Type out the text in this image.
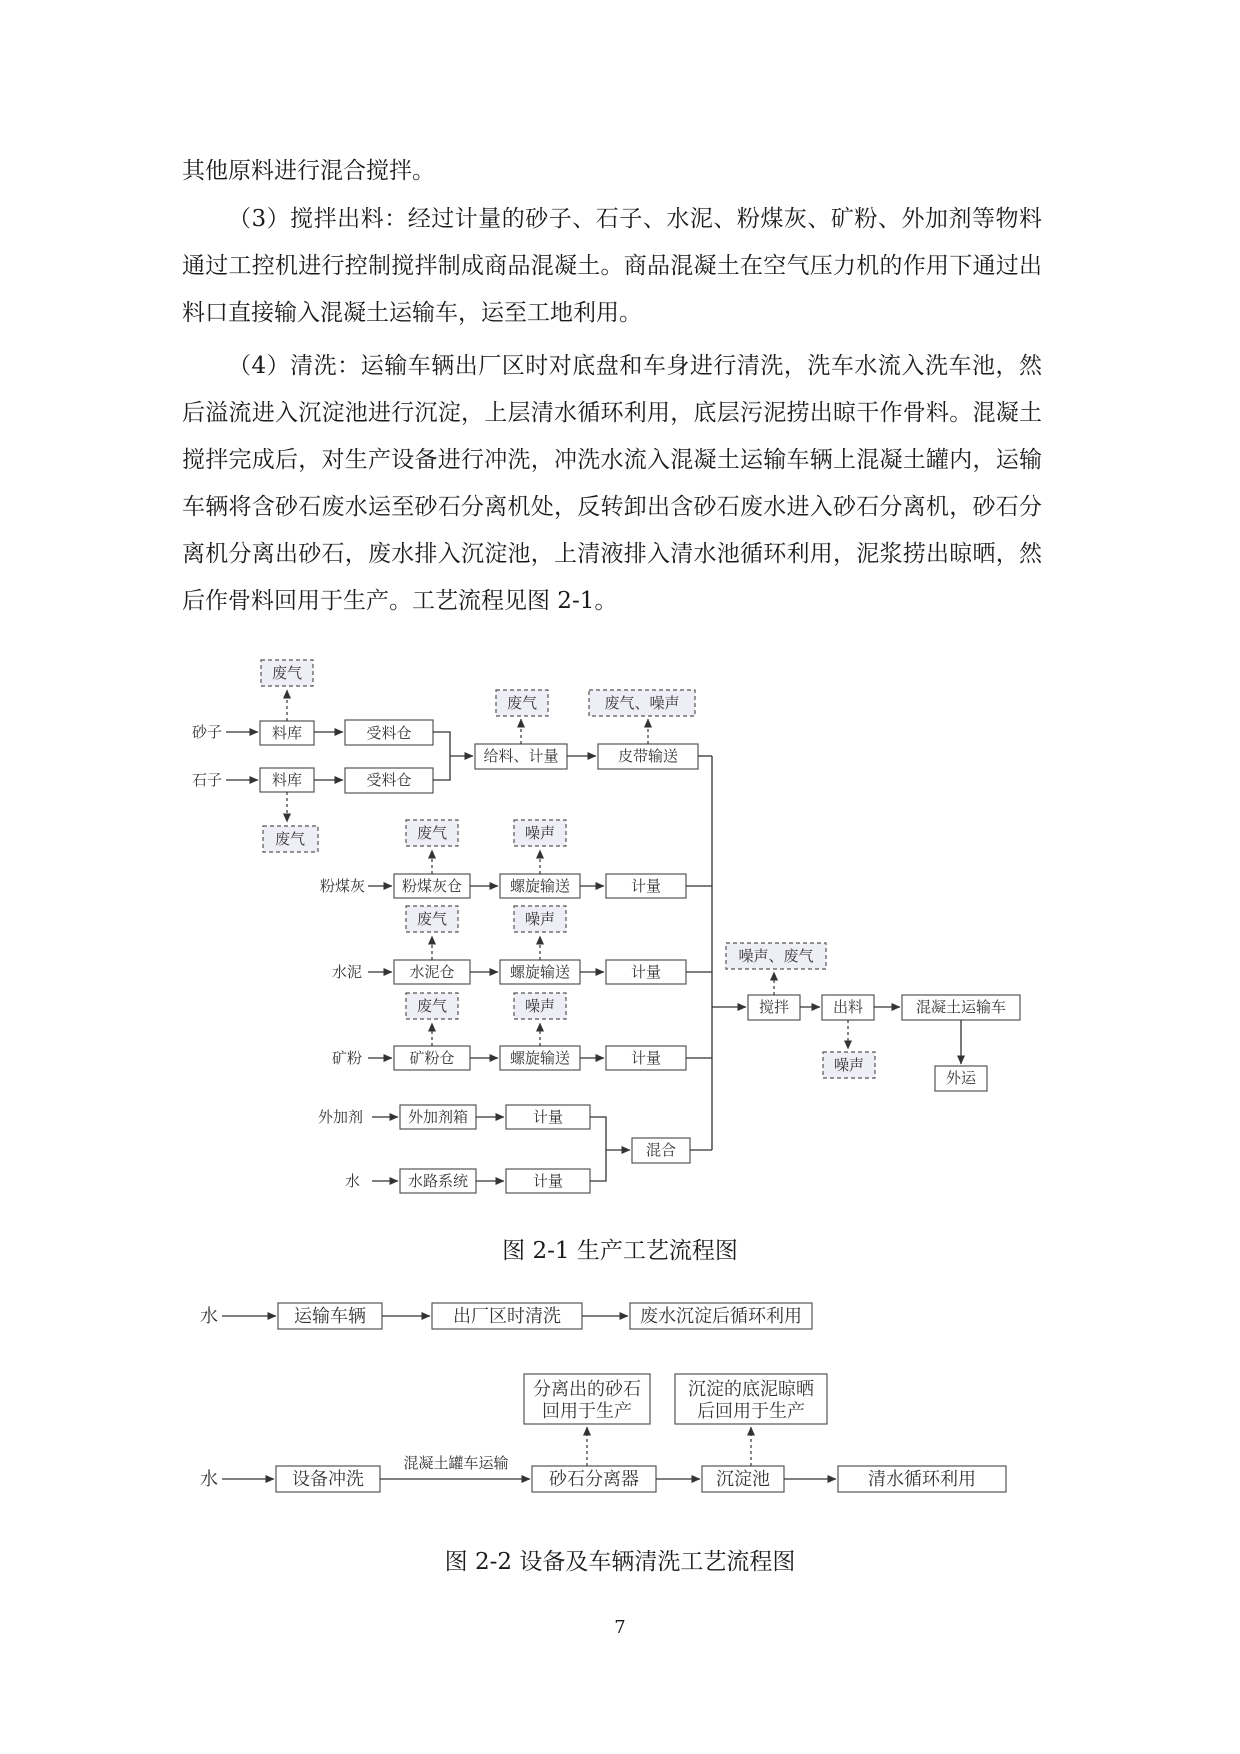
其他原料进行混合搅拌。

（3）搅拌出料：经过计量的砂子、石子、水泥、粉煤灰、矿粉、外加剂等物料通过工控机进行控制搅拌制成商品混凝土。商品混凝土在空气压力机的作用下通过出料口直接输入混凝土运输车，运至工地利用。

（4）清洗：运输车辆出厂区时对底盘和车身进行清洗，洗车水流入洗车池，然后溢流进入沉淀池进行沉淀，上层清水循环利用，底层污泥捞出晾干作骨料。混凝土搅拌完成后，对生产设备进行冲洗，冲洗水流入混凝土运输车辆上混凝土罐内，运输车辆将含砂石废水运至砂石分离机处，反转卸出含砂石废水进入砂石分离机，砂石分离机分离出砂石，废水排入沉淀池，上清液排入清水池循环利用，泥浆捞出晾晒，然后作骨料回用于生产。工艺流程见图 2-1。

砂子
石子
粉煤灰
水泥
矿粉
外加剂
水
料库	受料仓
料库	受料仓
废气
废气
给料、计量	皮带输送
废气	废气、噪声
粉煤灰仓	螺旋输送	计量
废气	噪声
水泥仓	螺旋输送	计量
废气	噪声
矿粉仓	螺旋输送	计量
废气	噪声
外加剂箱	计量
水路系统	计量
混合
搅拌	出料	混凝土运输车
外运
噪声、废气
噪声
水	运输车辆	出厂区时清洗	废水沉淀后循环利用
水	设备冲洗
混凝土罐车运输
砂石分离器	沉淀池	清水循环利用
分离出的砂石
回用于生产
沉淀的底泥晾晒
后回用于生产

图 2-1 生产工艺流程图

图 2-2 设备及车辆清洗工艺流程图

7
